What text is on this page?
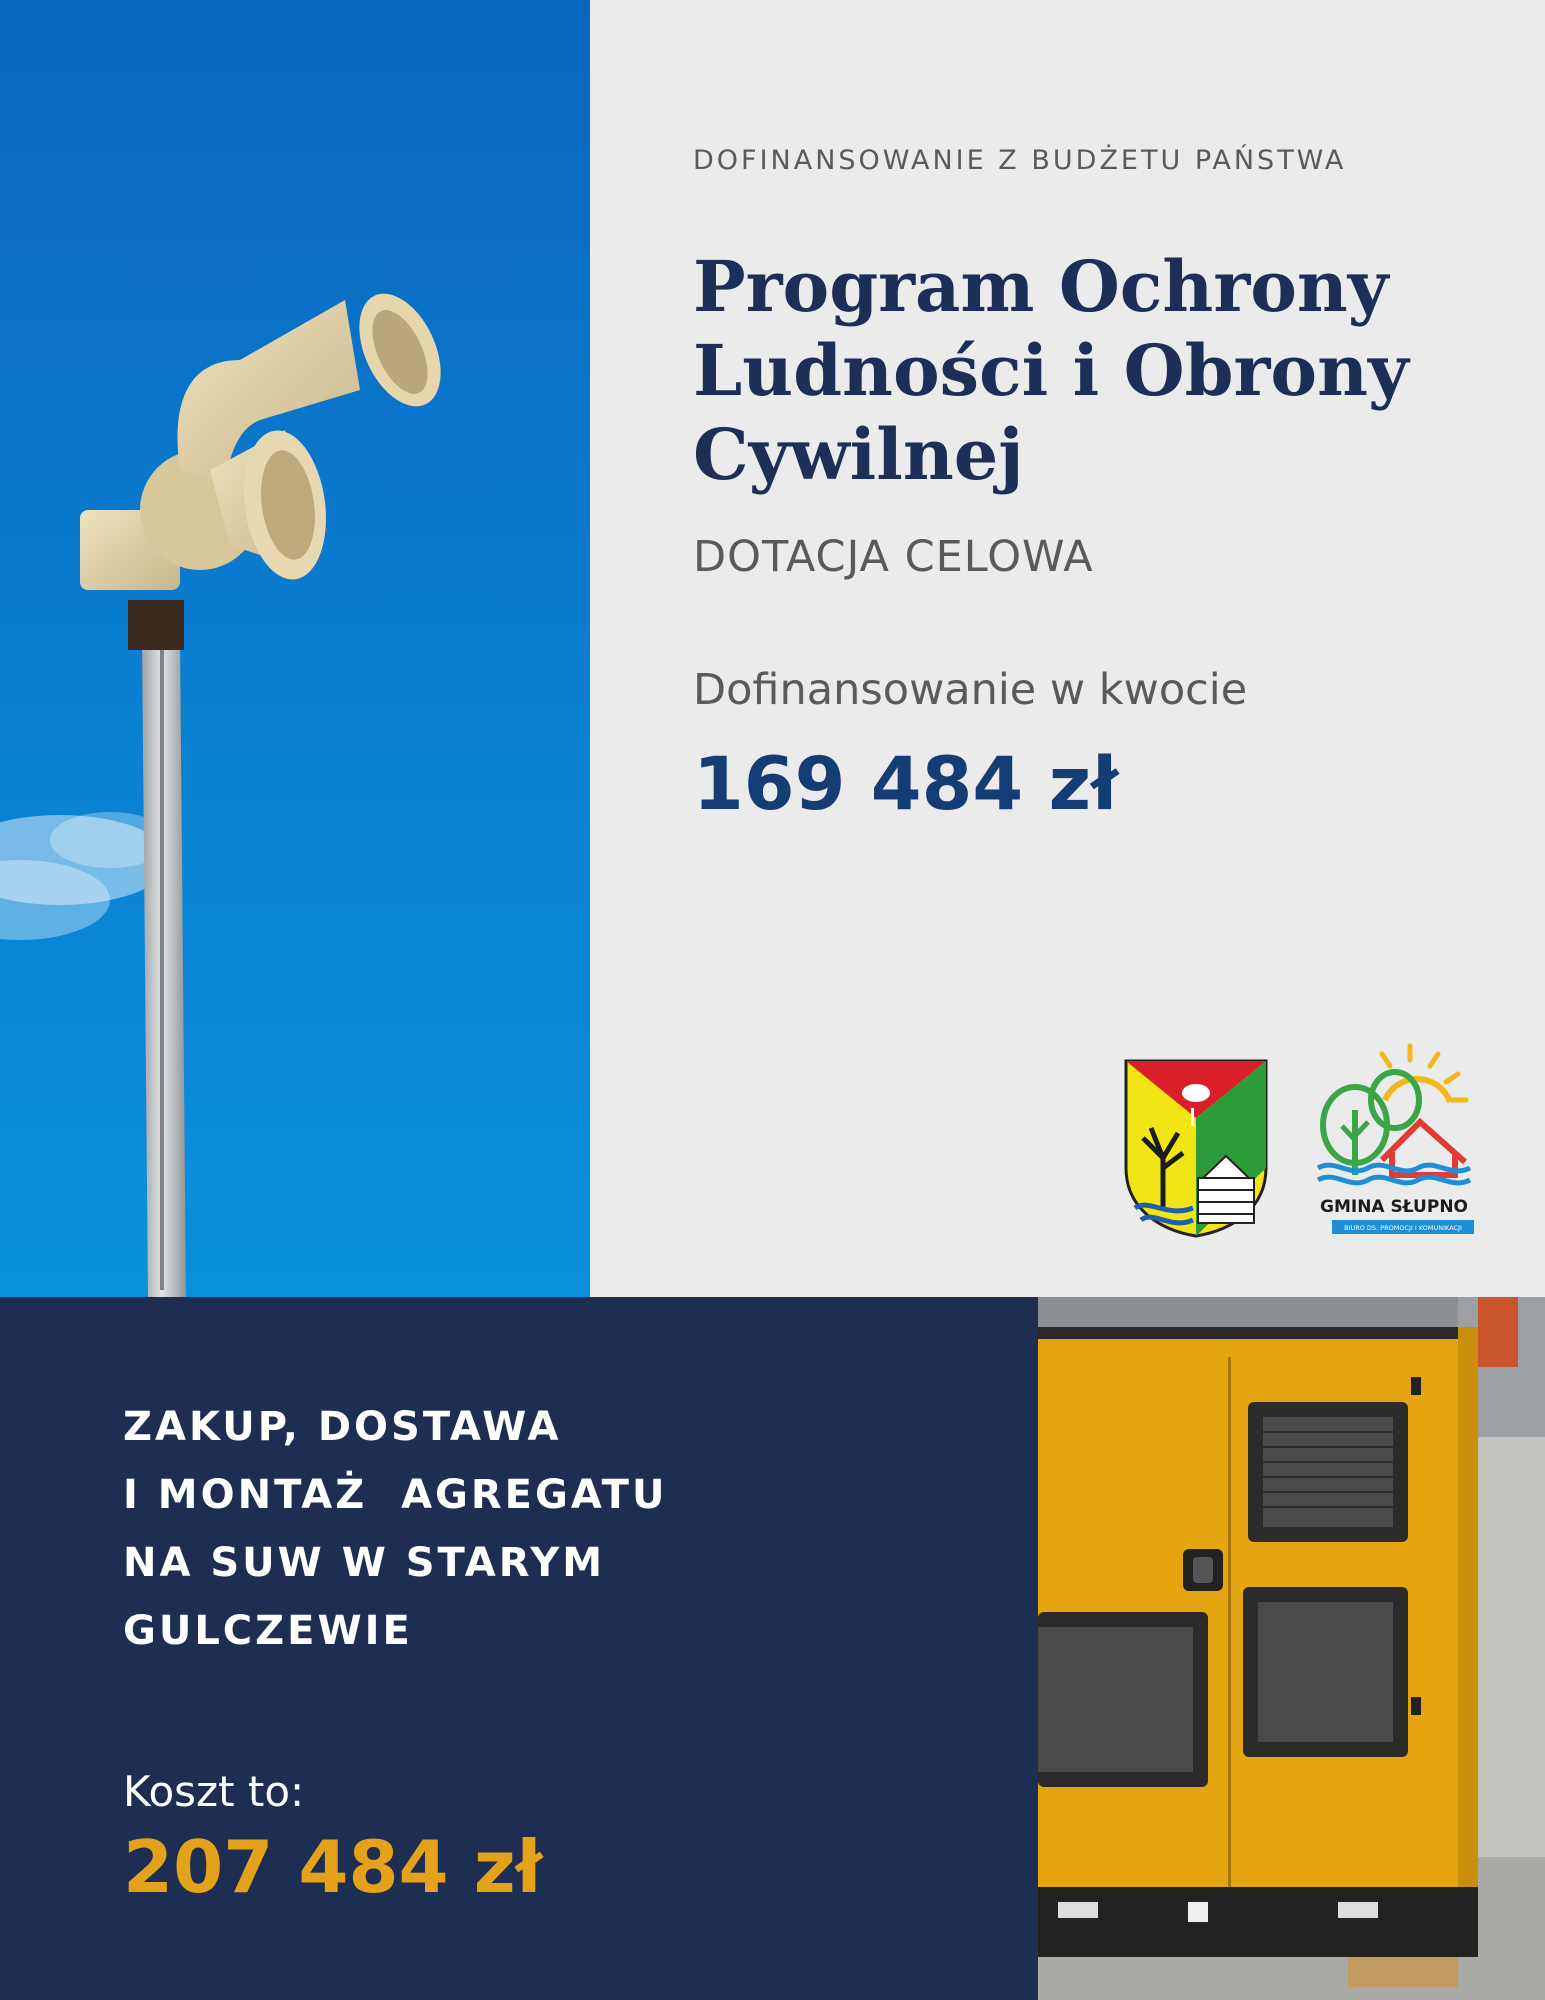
DOFINANSOWANIE Z BUDŻETU PAŃSTWA
Program Ochrony
Ludności i Obrony
Cywilnej
DOTACJA CELOWA
Dofinansowanie w kwocie
169 484 zł
GMINA SŁUPNO
BIURO DS. PROMOCJI I KOMUNIKACJI
ZAKUP, DOSTAWA
I MONTAŻ  AGREGATU
NA SUW W STARYM
GULCZEWIE
Koszt to:
207 484 zł
